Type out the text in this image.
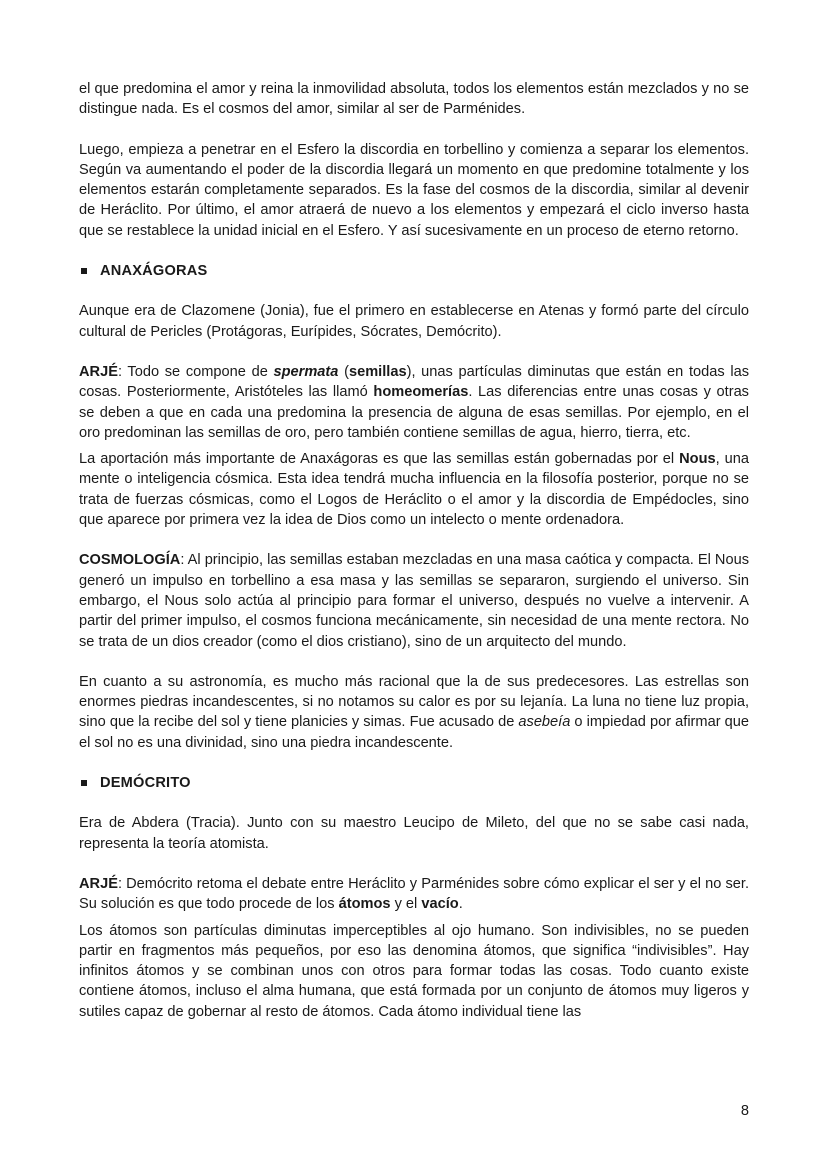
el que predomina el amor y reina la inmovilidad absoluta, todos los elementos están mezclados y no se distingue nada. Es el cosmos del amor, similar al ser de Parménides.

Luego, empieza a penetrar en el Esfero la discordia en torbellino y comienza a separar los elementos. Según va aumentando el poder de la discordia llegará un momento en que predomine totalmente y los elementos estarán completamente separados. Es la fase del cosmos de la discordia, similar al devenir de Heráclito. Por último, el amor atraerá de nuevo a los elementos y empezará el ciclo inverso hasta que se restablece la unidad inicial en el Esfero. Y así sucesivamente en un proceso de eterno retorno.

ANAXÁGORAS

Aunque era de Clazomene (Jonia), fue el primero en establecerse en Atenas y formó parte del círculo cultural de Pericles (Protágoras, Eurípides, Sócrates, Demócrito).

ARJÉ: Todo se compone de spermata (semillas), unas partículas diminutas que están en todas las cosas. Posteriormente, Aristóteles las llamó homeomerías. Las diferencias entre unas cosas y otras se deben a que en cada una predomina la presencia de alguna de esas semillas. Por ejemplo, en el oro predominan las semillas de oro, pero también contiene semillas de agua, hierro, tierra, etc.

La aportación más importante de Anaxágoras es que las semillas están gobernadas por el Nous, una mente o inteligencia cósmica. Esta idea tendrá mucha influencia en la filosofía posterior, porque no se trata de fuerzas cósmicas, como el Logos de Heráclito o el amor y la discordia de Empédocles, sino que aparece por primera vez la idea de Dios como un intelecto o mente ordenadora.

COSMOLOGÍA: Al principio, las semillas estaban mezcladas en una masa caótica y compacta. El Nous generó un impulso en torbellino a esa masa y las semillas se separaron, surgiendo el universo. Sin embargo, el Nous solo actúa al principio para formar el universo, después no vuelve a intervenir. A partir del primer impulso, el cosmos funciona mecánicamente, sin necesidad de una mente rectora. No se trata de un dios creador (como el dios cristiano), sino de un arquitecto del mundo.

En cuanto a su astronomía, es mucho más racional que la de sus predecesores. Las estrellas son enormes piedras incandescentes, si no notamos su calor es por su lejanía. La luna no tiene luz propia, sino que la recibe del sol y tiene planicies y simas. Fue acusado de asebeía o impiedad por afirmar que el sol no es una divinidad, sino una piedra incandescente.

DEMÓCRITO

Era de Abdera (Tracia). Junto con su maestro Leucipo de Mileto, del que no se sabe casi nada, representa la teoría atomista.

ARJÉ: Demócrito retoma el debate entre Heráclito y Parménides sobre cómo explicar el ser y el no ser. Su solución es que todo procede de los átomos y el vacío.

Los átomos son partículas diminutas imperceptibles al ojo humano. Son indivisibles, no se pueden partir en fragmentos más pequeños, por eso las denomina átomos, que significa “indivisibles”. Hay infinitos átomos y se combinan unos con otros para formar todas las cosas. Todo cuanto existe contiene átomos, incluso el alma humana, que está formada por un conjunto de átomos muy ligeros y sutiles capaz de gobernar al resto de átomos. Cada átomo individual tiene las

8
